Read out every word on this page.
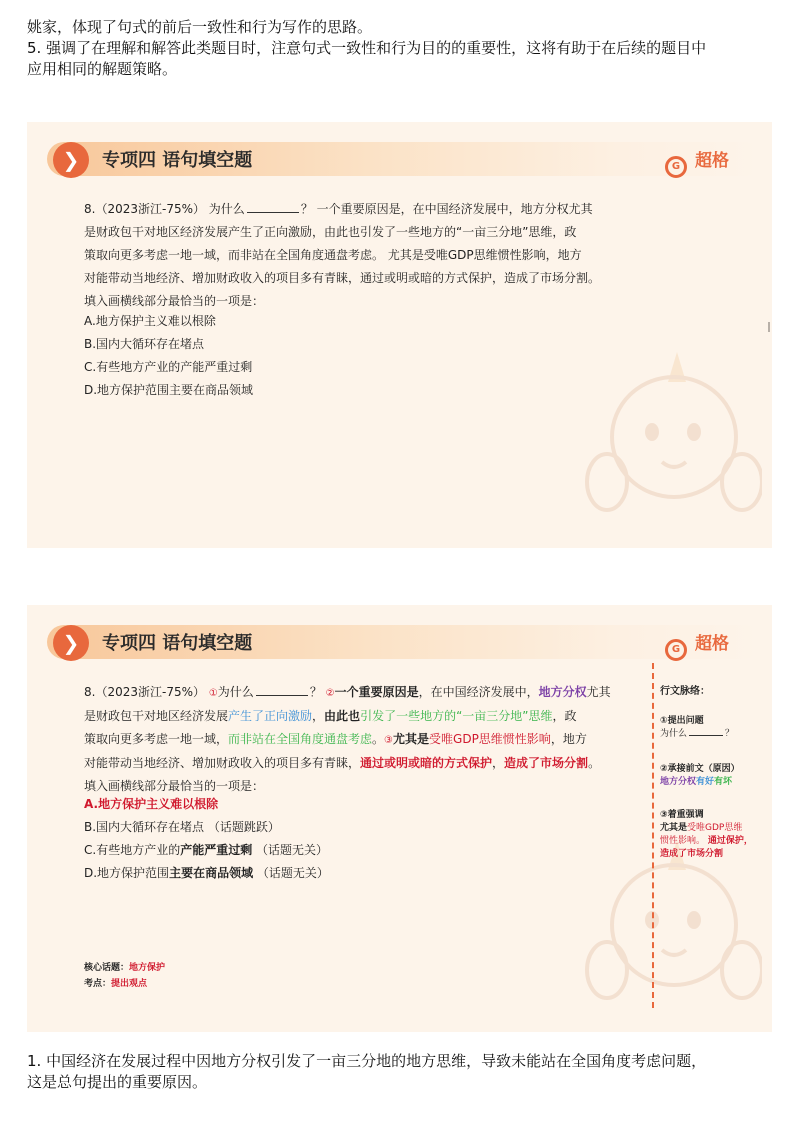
姚家，体现了句式的前后一致性和行为写作的思路。
5. 强调了在理解和解答此类题目时，注意句式一致性和行为目的的重要性，这将有助于在后续的题目中
应用相同的解题策略。
❯	专项四 语句填空题	G 超格
8.（2023浙江-75%） 为什么	？ 一个重要原因是，在中国经济发展中，地方分权尤其
是财政包干对地区经济发展产生了正向激励，由此也引发了一些地方的“一亩三分地”思维，政
策取向更多考虑一地一域，而非站在全国角度通盘考虑。 尤其是受唯GDP思维惯性影响，地方
对能带动当地经济、增加财政收入的项目多有青睐，通过或明或暗的方式保护，造成了市场分割。
填入画横线部分最恰当的一项是：
A.地方保护主义难以根除
B.国内大循环存在堵点
C.有些地方产业的产能严重过剩
D.地方保护范围主要在商品领域
❯	专项四 语句填空题	G 超格
8.（2023浙江-75%） ①为什么	？ ②一个重要原因是，在中国经济发展中，地方分权尤其
是财政包干对地区经济发展产生了正向激励，由此也引发了一些地方的“一亩三分地”思维，政
策取向更多考虑一地一域，而非站在全国角度通盘考虑。③尤其是受唯GDP思维惯性影响，地方
对能带动当地经济、增加财政收入的项目多有青睐，通过或明或暗的方式保护，造成了市场分割。
填入画横线部分最恰当的一项是：
A.地方保护主义难以根除
B.国内大循环存在堵点 （话题跳跃）
C.有些地方产业的产能严重过剩 （话题无关）
D.地方保护范围主要在商品领域 （话题无关）
核心话题：地方保护
考点：提出观点
行文脉络：
①提出问题
为什么	？
②承接前文（原因）
地方分权有好有坏
③着重强调
尤其是受唯GDP思维
惯性影响。 通过保护，
造成了市场分割
1. 中国经济在发展过程中因地方分权引发了一亩三分地的地方思维，导致未能站在全国角度考虑问题，
这是总句提出的重要原因。
